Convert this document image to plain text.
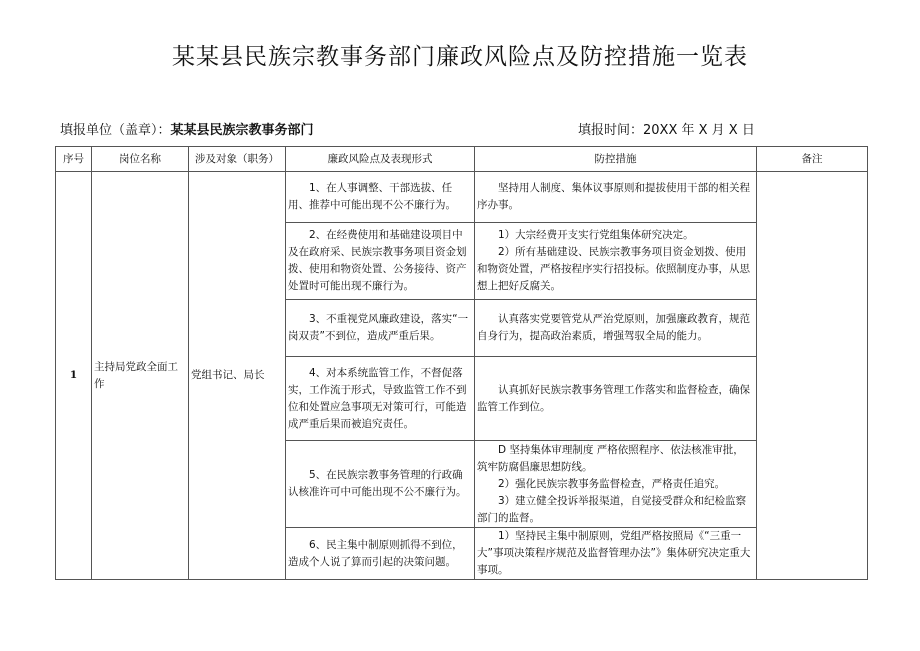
某某县民族宗教事务部门廉政风险点及防控措施一览表
填报单位（盖章）：某某县民族宗教事务部门	填报时间：20XX 年 X 月 X 日
序号	岗位名称	涉及对象（职务）	廉政风险点及表现形式	防控措施	备注
1	主持局党政全面工作	党组书记、局长	1、在人事调整、干部选拔、任用、推荐中可能出现不公不廉行为。	坚持用人制度、集体议事原则和提拔使用干部的相关程序办事。	
			2、在经费使用和基础建设项目中及在政府采、民族宗教事务项目资金划拨、使用和物资处置、公务接待、资产处置时可能出现不廉行为。	1）大宗经费开支实行党组集体研究决定。

2）所有基础建设、民族宗教事务项目资金划拨、使用和物资处置，严格按程序实行招投标。依照制度办事，从思想上把好反腐关。	

			3、不重视党风廉政建设，落实“一岗双责”不到位，造成严重后果。	认真落实党要管党从严治党原则，加强廉政教育，规范自身行为，提高政治素质，增强驾驭全局的能力。	
			4、对本系统监管工作，不督促落实，工作流于形式，导致监管工作不到位和处置应急事项无对策可行，可能造成严重后果而被追究责任。	认真抓好民族宗教事务管理工作落实和监督检查，确保监管工作到位。	
			5、在民族宗教事务管理的行政确认核准许可中可能出现不公不廉行为。	D 坚持集体审理制度 严格依照程序、依法核准审批，筑牢防腐倡廉思想防线。

2）强化民族宗教事务监督检查，严格责任追究。

3）建立健全投诉举报渠道，自觉接受群众和纪检监察部门的监督。	

			6、民主集中制原则抓得不到位，造成个人说了算而引起的决策问题。	1）坚持民主集中制原则，党组严格按照局《“三重一大”事项决策程序规范及监督管理办法”》集体研究决定重大事项。	
